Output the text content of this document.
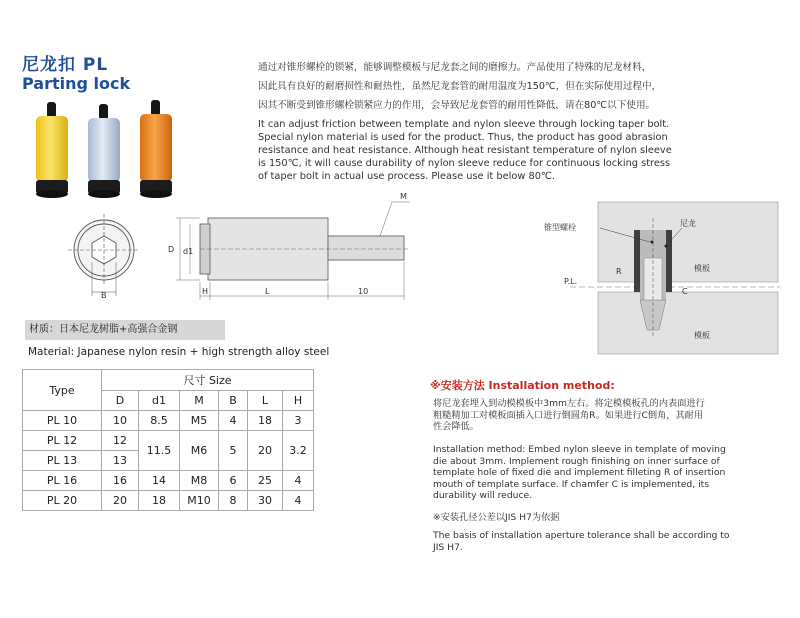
尼龙扣 PL
Parting lock
通过对锥形螺栓的锁紧，能够调整模板与尼龙套之间的磨擦力。产品使用了特殊的尼龙材料，
因此具有良好的耐磨损性和耐热性，虽然尼龙套管的耐用温度为150℃，但在实际使用过程中，
因其不断受到锥形螺栓锁紧应力的作用，会导致尼龙套管的耐用性降低，请在80℃以下使用。
It can adjust friction between template and nylon sleeve through locking taper bolt.
Special nylon material is used for the product. Thus, the product has good abrasion
resistance and heat resistance. Although heat resistant temperature of nylon sleeve
is 150℃, it will cause durability of nylon sleeve reduce for continuous locking stress
of taper bolt in actual use process. Please use it below 80℃.
B
D d1
H	L	10
M
锥型螺栓	尼龙
模板
模板
R
P.L.
C
材质：日本尼龙树脂+高强合金钢
Material: Japanese nylon resin + high strength alloy steel
Type	尺寸 Size					
	D	d1	M	B	L	H
PL 10	10	8.5	M5	4	18	3
PL 12	12	11.5	M6	5	20	3.2
PL 13	13					
PL 16	16	14	M8	6	25	4
PL 20	20	18	M10	8	30	4
※安装方法 Installation method:
将尼龙套埋入到动模模板中3mm左右。将定模模板孔的内表面进行
粗糙精加工对模板面插入口进行倒圆角R。如果进行C倒角，其耐用
性会降低。
Installation method: Embed nylon sleeve in template of moving
die about 3mm. Implement rough finishing on inner surface of
template hole of fixed die and implement filleting R of insertion
mouth of template surface. If chamfer C is implemented, its
durability will reduce.
※安装孔径公差以JIS H7为依据
The basis of installation aperture tolerance shall be according to
JIS H7.
